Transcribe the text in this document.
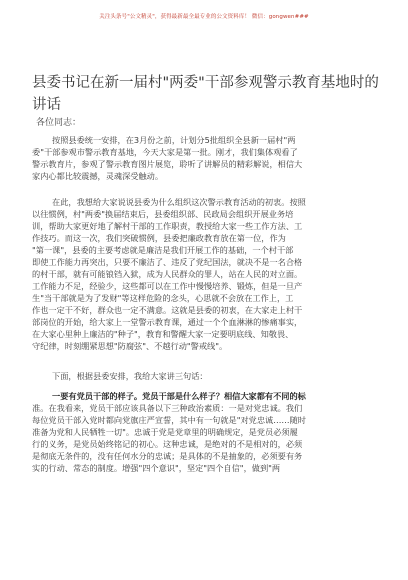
关注头条号"公文精灵"，获得最新最全最专业的公文资料库！ 微信：gongwen###
县委书记在新一届村"两委"干部参观警示教育基地时的讲话
各位同志：
按照县委统一安排，在3月份之前，计划分5批组织全县新一届村"两
委"干部参观市警示教育基地，今天大家是第一批。刚才，我们集体观看了
警示教育片，参观了警示教育图片展览，聆听了讲解员的精彩解说，相信大
家内心都比较震撼，灵魂深受触动。
在此，我想给大家说说县委为什么组织这次警示教育活动的初衷。按照
以往惯例，村"两委"换届结束后，县委组织部、民政局会组织开展业务培
训，帮助大家更好地了解村干部的工作职责，教授给大家一些工作方法、工
作技巧。而这一次，我们突破惯例，县委把廉政教育放在第一位，作为
"第一课"，县委的主要考虑就是廉洁是我们开展工作的基础，一个村干部
即使工作能力再突出，只要不廉洁了、违反了党纪国法，就决不是一名合格
的村干部，就有可能锒铛入狱，成为人民群众的罪人，站在人民的对立面。
工作能力不足，经验少，这些都可以在工作中慢慢培养、锻炼，但是一旦产
生"当干部就是为了发财"等这样危险的念头，心思就不会放在工作上，工
作也一定干不好，群众也一定不满意。这就是县委的初衷，在大家走上村干
部岗位的开始，给大家上一堂警示教育课，通过一个个血淋淋的惨痛事实，
在大家心里种上廉洁的"种子"，教育和警醒大家一定要明底线、知敬畏、
守纪律，时刻绷紧思想"防腐弦"、不越行动"警戒线"。
下面，根据县委安排，我给大家讲三句话：
一要有党员干部的样子。党员干部是什么样子？相信大家都有不同的标
准。在我看来，党员干部应该具备以下三种政治素质：一是对党忠诚。我们
每位党员干部入党时都向党旗庄严宣誓，其中有一句就是"对党忠诚……随时
准备为党和人民牺牲一切"。忠诚于党是党章里的明确规定，是党员必须履
行的义务，是党员始终铭记的初心。这种忠诚，是绝对的不是相对的，必须
是彻底无条件的，没有任何水分的忠诚；是具体的不是抽象的，必须要有务
实的行动、常态的制度。增强"四个意识"，坚定"四个自信"，做到"两
